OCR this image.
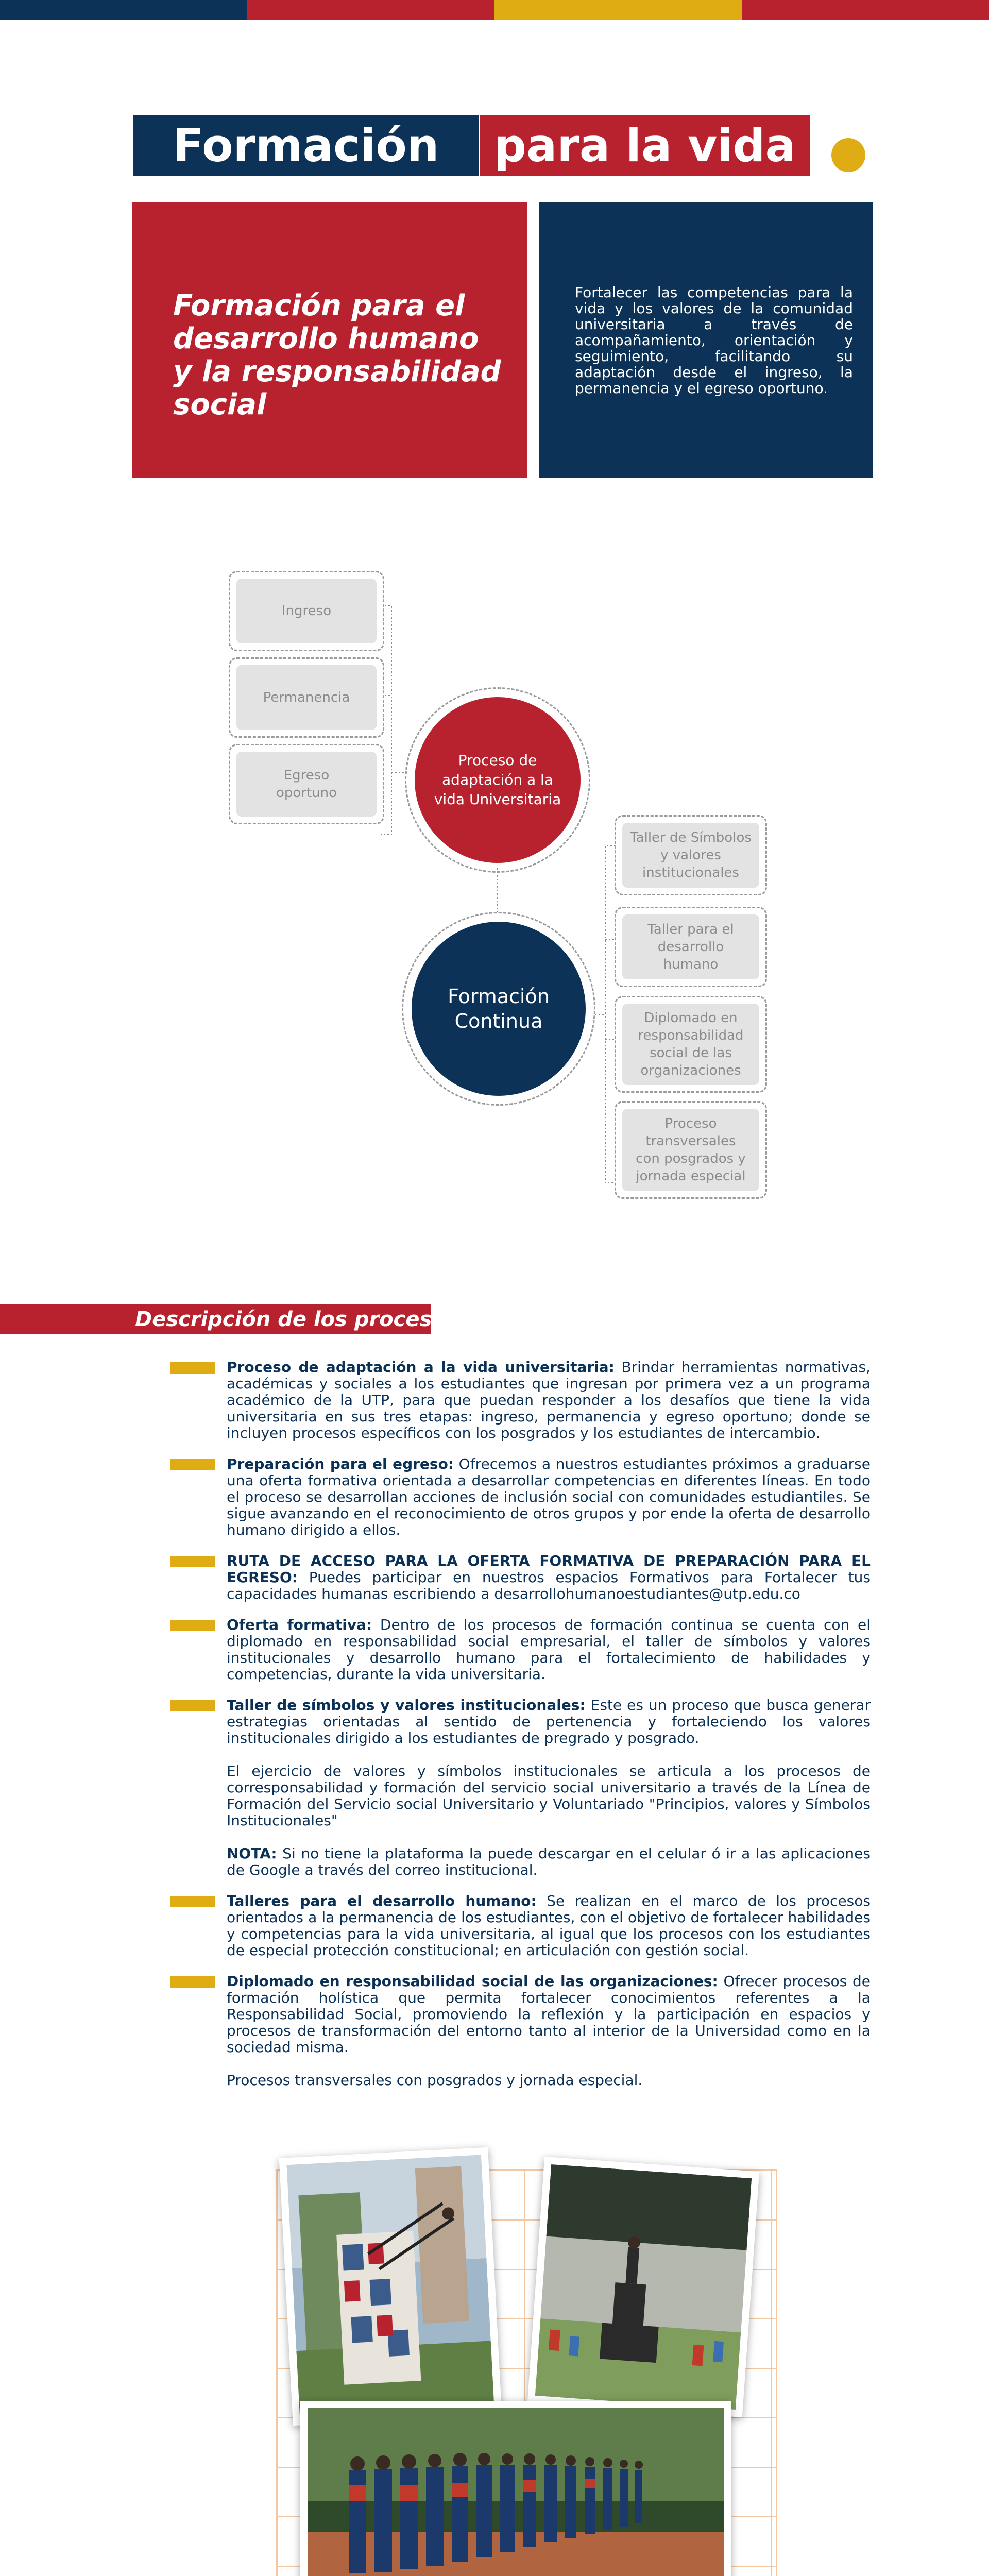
Formación	para la vida
Formación para el desarrollo humano y la responsabilidad social
Fortalecer las competencias para la vida y los valores de la comunidad universitaria a través de acompañamiento, orientación y seguimiento, facilitando su adaptación desde el ingreso, la permanencia y el egreso oportuno.
Ingreso
Permanencia
Egreso oportuno
Proceso de adaptación a la vida Universitaria
Formación Continua
Taller de Símbolos y valores institucionales
Taller para el desarrollo humano
Diplomado en responsabilidad social de las organizaciones
Proceso transversales con posgrados y jornada especial
Descripción de los procesos

Proceso de adaptación a la vida universitaria: Brindar herramientas normativas, académicas y sociales a los estudiantes que ingresan por primera vez a un programa académico de la UTP, para que puedan responder a los desafíos que tiene la vida universitaria en sus tres etapas: ingreso, permanencia y egreso oportuno; donde se incluyen procesos específicos con los posgrados y los estudiantes de intercambio.

Preparación para el egreso: Ofrecemos a nuestros estudiantes próximos a graduarse una oferta formativa orientada a desarrollar competencias en diferentes líneas. En todo el proceso se desarrollan acciones de inclusión social con comunidades estudiantiles. Se sigue avanzando en el reconocimiento de otros grupos y por ende la oferta de desarrollo humano dirigido a ellos.

RUTA DE ACCESO PARA LA OFERTA FORMATIVA DE PREPARACIÓN PARA EL EGRESO: Puedes participar en nuestros espacios Formativos para Fortalecer tus capacidades humanas escribiendo a desarrollohumanoestudiantes@utp.edu.co

Oferta formativa: Dentro de los procesos de formación continua se cuenta con el diplomado en responsabilidad social empresarial, el taller de símbolos y valores institucionales y desarrollo humano para el fortalecimiento de habilidades y competencias, durante la vida universitaria.

Taller de símbolos y valores institucionales: Este es un proceso que busca generar estrategias orientadas al sentido de pertenencia y fortaleciendo los valores institucionales dirigido a los estudiantes de pregrado y posgrado.

El ejercicio de valores y símbolos institucionales se articula a los procesos de corresponsabilidad y formación del servicio social universitario a través de la Línea de Formación del Servicio social Universitario y Voluntariado "Principios, valores y Símbolos Institucionales"

NOTA: Si no tiene la plataforma la puede descargar en el celular ó ir a las aplicaciones de Google a través del correo institucional.

Talleres para el desarrollo humano: Se realizan en el marco de los procesos orientados a la permanencia de los estudiantes, con el objetivo de fortalecer habilidades y competencias para la vida universitaria, al igual que los procesos con los estudiantes de especial protección constitucional; en articulación con gestión social.

Diplomado en responsabilidad social de las organizaciones: Ofrecer procesos de formación holística que permita fortalecer conocimientos referentes a la Responsabilidad Social, promoviendo la reflexión y la participación en espacios y procesos de transformación del entorno tanto al interior de la Universidad como en la sociedad misma.

Procesos transversales con posgrados y jornada especial.
